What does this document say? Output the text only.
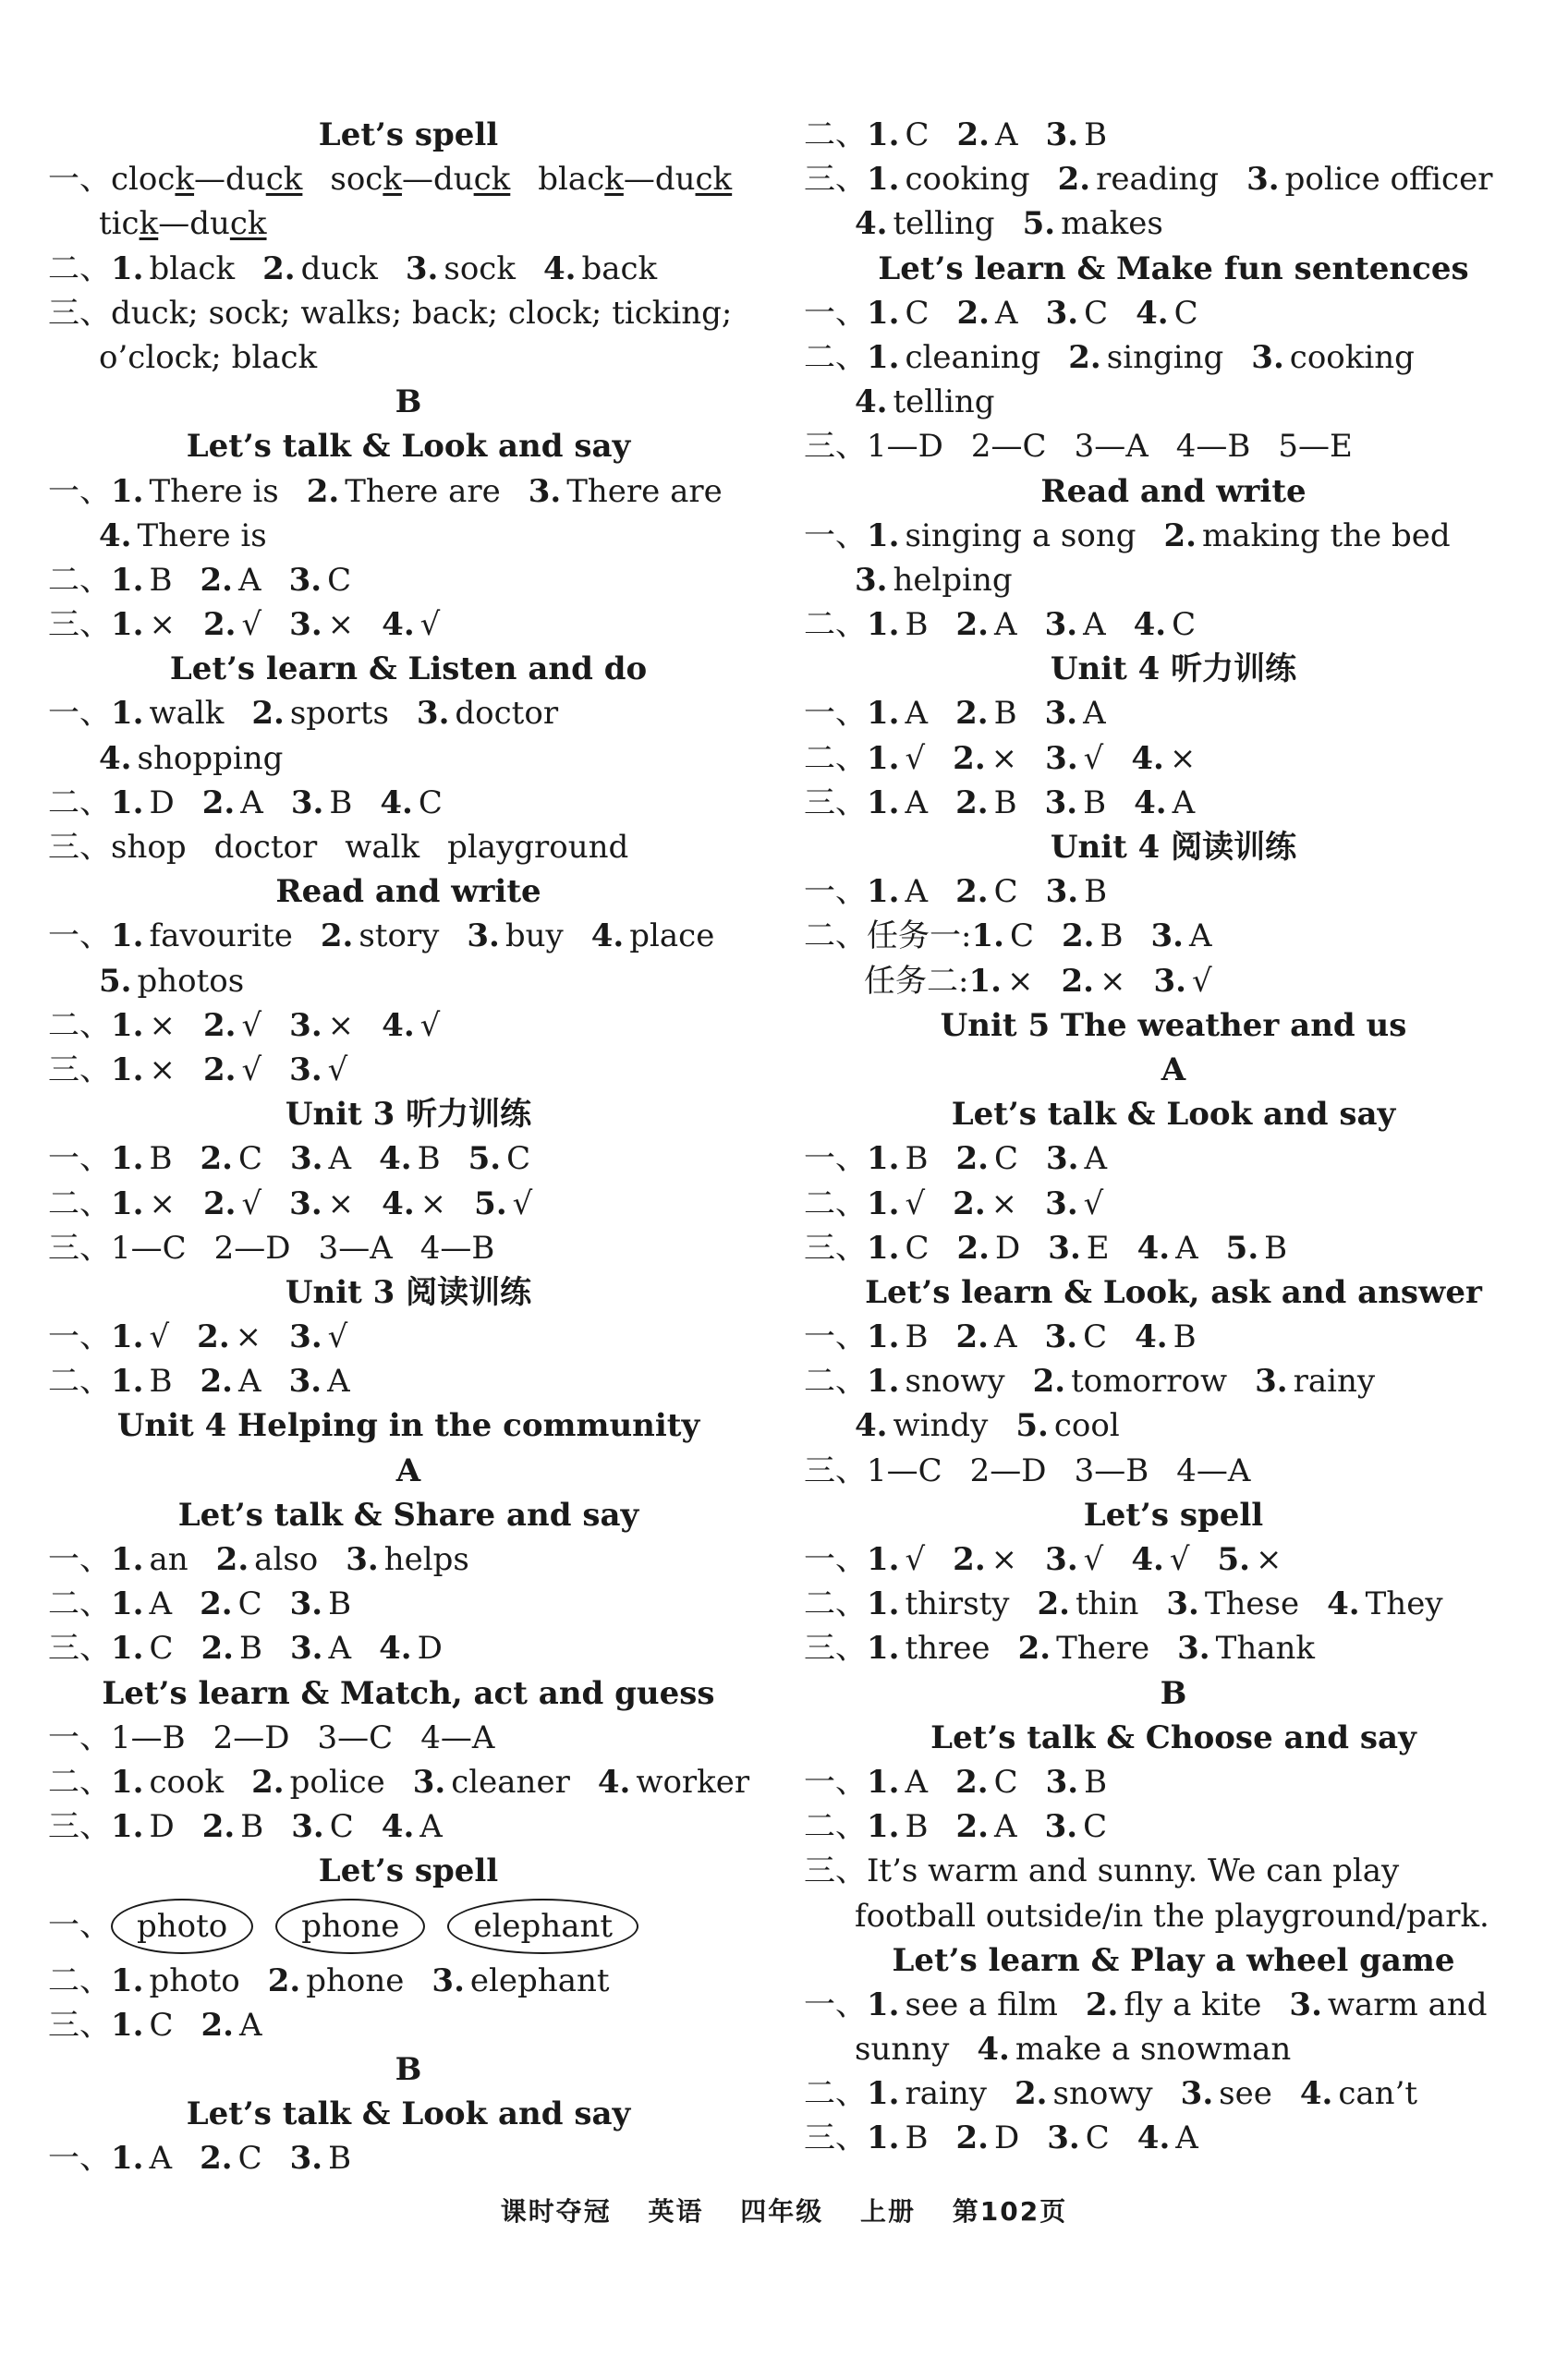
Let’s spell
一、clock—duck sock—duck black—duck
tick—duck
二、1. black 2. duck 3. sock 4. back
三、duck; sock; walks; back; clock; ticking;
o’clock; black
B
Let’s talk & Look and say
一、1. There is 2. There are 3. There are
4. There is
二、1. B 2. A 3. C
三、1. × 2. √ 3. × 4. √
Let’s learn & Listen and do
一、1. walk 2. sports 3. doctor
4. shopping
二、1. D 2. A 3. B 4. C
三、shop doctor walk playground
Read and write
一、1. favourite 2. story 3. buy 4. place
5. photos
二、1. × 2. √ 3. × 4. √
三、1. × 2. √ 3. √
Unit 3 听力训练
一、1. B 2. C 3. A 4. B 5. C
二、1. × 2. √ 3. × 4. × 5. √
三、1—C 2—D 3—A 4—B
Unit 3 阅读训练
一、1. √ 2. × 3. √
二、1. B 2. A 3. A
Unit 4 Helping in the community
A
Let’s talk & Share and say
一、1. an 2. also 3. helps
二、1. A 2. C 3. B
三、1. C 2. B 3. A 4. D
Let’s learn & Match, act and guess
一、1—B 2—D 3—C 4—A
二、1. cook 2. police 3. cleaner 4. worker
三、1. D 2. B 3. C 4. A
Let’s spell
一、 photo	phone	elephant
二、1. photo 2. phone 3. elephant
三、1. C 2. A
B
Let’s talk & Look and say
一、1. A 2. C 3. B
二、1. C 2. A 3. B
三、1. cooking 2. reading 3. police officer
4. telling 5. makes
Let’s learn & Make fun sentences
一、1. C 2. A 3. C 4. C
二、1. cleaning 2. singing 3. cooking
4. telling
三、1—D 2—C 3—A 4—B 5—E
Read and write
一、1. singing a song 2. making the bed
3. helping
二、1. B 2. A 3. A 4. C
Unit 4 听力训练
一、1. A 2. B 3. A
二、1. √ 2. × 3. √ 4. ×
三、1. A 2. B 3. B 4. A
Unit 4 阅读训练
一、1. A 2. C 3. B
二、任务一:1. C 2. B 3. A
任务二:1. × 2. × 3. √
Unit 5 The weather and us
A
Let’s talk & Look and say
一、1. B 2. C 3. A
二、1. √ 2. × 3. √
三、1. C 2. D 3. E 4. A 5. B
Let’s learn & Look, ask and answer
一、1. B 2. A 3. C 4. B
二、1. snowy 2. tomorrow 3. rainy
4. windy 5. cool
三、1—C 2—D 3—B 4—A
Let’s spell
一、1. √ 2. × 3. √ 4. √ 5. ×
二、1. thirsty 2. thin 3. These 4. They
三、1. three 2. There 3. Thank
B
Let’s talk & Choose and say
一、1. A 2. C 3. B
二、1. B 2. A 3. C
三、It’s warm and sunny. We can play
football outside/in the playground/park.
Let’s learn & Play a wheel game
一、1. see a film 2. fly a kite 3. warm and
sunny 4. make a snowman
二、1. rainy 2. snowy 3. see 4. can’t
三、1. B 2. D 3. C 4. A
课时夺冠 英语 四年级 上册 第102页
